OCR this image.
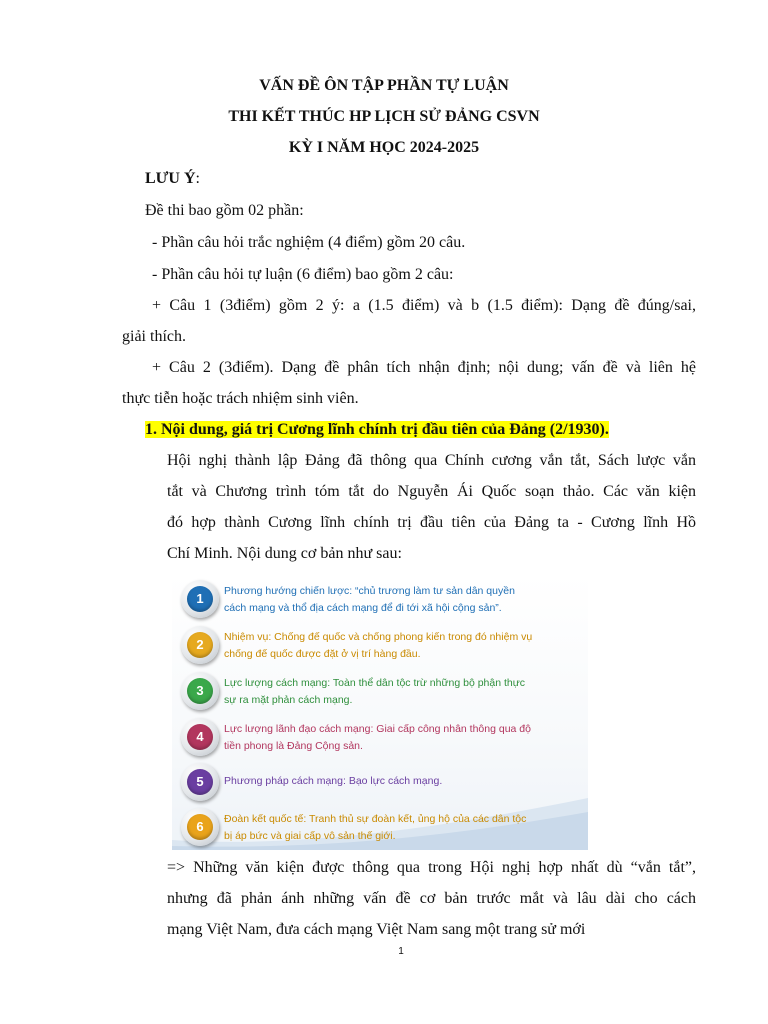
VẤN ĐỀ ÔN TẬP PHẦN TỰ LUẬN
THI KẾT THÚC HP LỊCH SỬ ĐẢNG CSVN
KỲ I NĂM HỌC 2024-2025
LƯU Ý:
Đề thi bao gồm 02 phần:
- Phần câu hỏi trắc nghiệm (4 điểm) gồm 20 câu.
- Phần câu hỏi tự luận (6 điểm) bao gồm 2 câu:
+ Câu 1 (3điểm) gồm 2 ý: a (1.5 điểm) và b (1.5 điểm): Dạng đề đúng/sai,
giải thích.
+ Câu 2 (3điểm). Dạng đề phân tích nhận định; nội dung; vấn đề và liên hệ
thực tiễn hoặc trách nhiệm sinh viên.
1. Nội dung, giá trị Cương lĩnh chính trị đầu tiên của Đảng (2/1930).
Hội nghị thành lập Đảng đã thông qua Chính cương vắn tắt, Sách lược vắn
tắt và Chương trình tóm tắt do Nguyễn Ái Quốc soạn thảo. Các văn kiện
đó hợp thành Cương lĩnh chính trị đầu tiên của Đảng ta - Cương lĩnh Hồ
Chí Minh. Nội dung cơ bản như sau:
1	Phương hướng chiến lược: “chủ trương làm tư sản dân quyền
cách mạng và thổ địa cách mạng để đi tới xã hội cộng sản”.
2	Nhiệm vụ: Chống đế quốc và chống phong kiến trong đó nhiệm vụ
chống đế quốc được đặt ở vị trí hàng đầu.
3	Lực lượng cách mạng: Toàn thể dân tộc trừ những bộ phận thực
sự ra mặt phản cách mạng.
4	Lực lượng lãnh đạo cách mạng: Giai cấp công nhân thông qua độ
tiền phong là Đảng Cộng sản.
5	Phương pháp cách mạng: Bạo lực cách mạng.
6	Đoàn kết quốc tế: Tranh thủ sự đoàn kết, ủng hộ của các dân tộc
bị áp bức và giai cấp vô sản thế giới.
=> Những văn kiện được thông qua trong Hội nghị hợp nhất dù “vắn tắt”,
nhưng đã phản ánh những vấn đề cơ bản trước mắt và lâu dài cho cách
mạng Việt Nam, đưa cách mạng Việt Nam sang một trang sử mới
1
